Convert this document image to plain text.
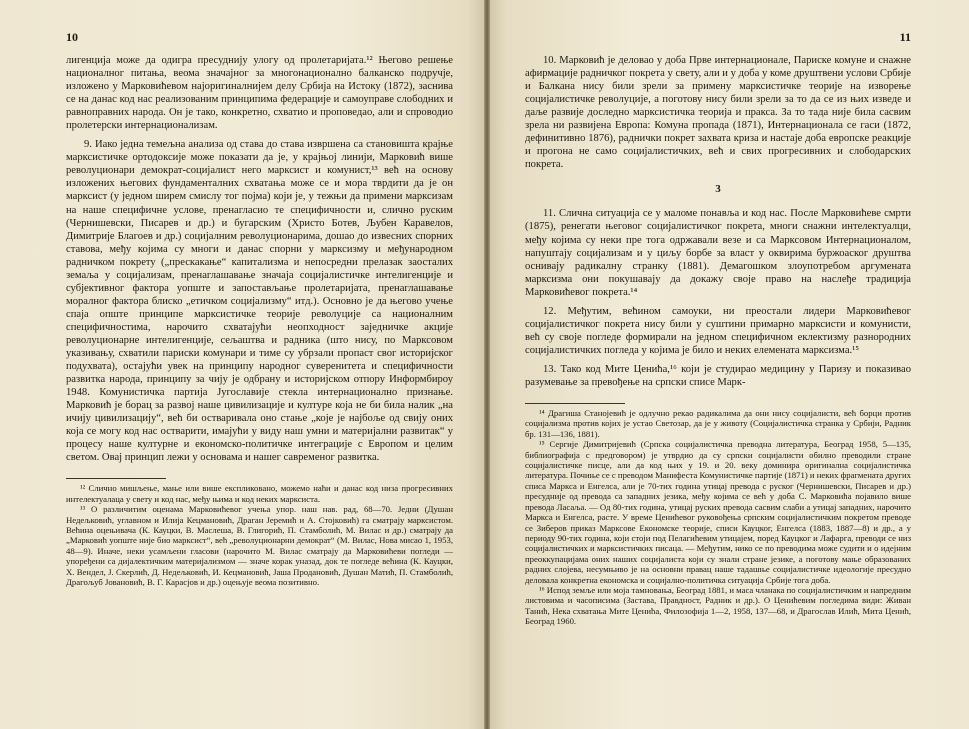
10

лигенција може да одигра пресудниjу улогу од пролетаријата.¹² Његово решење националног питања, веома значајног за многонационално балканско подручје, изложено у Марковићевом најоригиналнијем делу Србија на Истоку (1872), заснива се на данас код нас реализованим принципима федерације и самоуправе слободних и равноправних народа. Он је тако, конкретно, схватио и проповедао, али и спроводио пролетерски интернационализам.

9. Иако једна темељна анализа од става до става извршена са становишта крајње марксистичке ортодоксије може показати да је, у крајњој линији, Марковић више револуционари демократ-социјалист него марксист и комунист,¹³ већ на основу изложених његових фундаменталних схватања може се и мора тврдити да је он марксист (у једном ширем смислу тог појма) који је, у тежњи да примени марксизам на наше специфичне услове, пренагласио те специфичности и, слично руским (Чернишевски, Писарев и др.) и бугарским (Христо Ботев, Љубен Каравелов, Димитрије Благоев и др.) социјалним револуционарима, дошао до извесних спорних ставова, међу којима су многи и данас спорни у марксизму и међународном радничком покрету („прескакање“ капитализма и непосредни прелазак заосталих земаља у социјализам, пренаглашавање значаја социјалистичке интелигенције и субјективног фактора уопште и запостављање пролетаријата, пренаглашавање моралног фактора блиско „етичком социјализму“ итд.). Основно је да његово учење спаја опште принципе марксистичке теорије револуције са националним специфичностима, нарочито схватајући неопходност заједничке акције револуционарне интелигенције, сељаштва и радника (што нису, по Марксовом указивању, схватили париски комунари и тиме су убрзали пропаст свог историјског подухвата), остајући увек на принципу народног суверенитета и специфичности развитка народа, принципу за чију је одбрану и историјском отпору Информбироу 1948. Комунистичка партија Југославије стекла интернационално признање. Марковић је борац за развој наше цивилизације и културе која не би била налик „на ичију цивилизацију“, већ би остваривала оно стање „које је најбоље од свију оних која се могу код нас остварити, имајући у виду наш умни и материјални развитак“ у процесу наше културне и економско-политичке интеграције с Европом и целим светом. Овај принцип лежи у основама и нашег савременог развитка.

¹² Слично мишљење, мање или више експликовано, можемо наћи и данас код низа прогресивних интелектуалаца у свету и код нас, међу њима и код неких марксиста.

¹³ О различитим оценама Марковићевог учења упор. наш нав. рад, 68—70. Једни (Душан Недељковић, углавном и Илија Кецмановић, Драган Јеремић и А. Стојковић) га сматрају марксистом. Већина оцењивача (К. Кауцки, В. Маслеша, В. Глигорић, П. Стамболић, М. Вилас и др.) сматрају да „Марковић уопште није био марксист“, већ „револуционарни демократ“ (М. Вилас, Нова мисао 1, 1953, 48—9). Иначе, неки усамљени гласови (нарочито М. Вилас сматрају да Марковићеви погледи — упоређени са дијалектичким материјализмом — значе корак уназад, док те погледе већина (К. Кауцки, Х. Вендел, J. Скерлић, Д. Недељковић, И. Кецмановић, Јаша Продановић, Душан Матић, П. Стамболић, Драгољуб Јовановић, В. Г. Карасјов и др.) оцењује веома позитивно.

11

10. Марковић је деловао у доба Прве интернационале, Париске комуне и снажне афирмације радничког покрета у свету, али и у доба у коме друштвени услови Србије и Балкана нису били зрели за примену марксистичке теорије на изворење социјалистичке револуције, а поготову нису били зрели за то да се из њих изведе и даље развије доследно марксистичка теорија и пракса. За то тада није била сасвим зрела ни развијена Европа: Комуна пропада (1871), Интернационала се гаси (1872, дефинитивно 1876), раднички покрет захвата криза и настаје доба европске реакције и прогона не само социјалистичких, већ и свих прогресивних и слободарских покрета.

3

11. Слична ситуација се у маломе понавља и код нас. После Марковићеве смрти (1875), ренегати његовог социјалистичког покрета, многи снажни интелектуалци, међу којима су неки пре тога одржавали везе и са Марксовом Интернационалом, напуштају социјализам и у циљу борбе за власт у оквирима буржоаског друштва оснивају радикалну странку (1881). Демагошком злоупотребом аргумената марксизма они покушавају да докажу своје право на наслеђе традиција Марковићевог покрета.¹⁴

12. Међутим, већином самоуки, ни преостали лидери Марковићевог социјалистичког покрета нису били у суштини примарно марксисти и комунисти, већ су своје погледе формирали на једном специфичном еклектизму разнородних социјалистичких погледа у којима је било и неких елемената марксизма.¹⁵

13. Тако код Мите Ценића,¹⁶ који је студирао медицину у Паризу и показивао разумевање за превођење на српски списе Марк-

¹⁴ Драгиша Станојевић је одлучно рекао радикалима да они нису социјалисти, већ борци против социјализма против којих је устао Светозар, да је у животу (Социјалистичка странка у Србији, Радник бр. 131—136, 1881).

¹⁵ Сергије Димитријевић (Српска социјалистичка преводна литература, Београд 1958, 5—135, библиографија с предговором) је утврдио да су српски социјалисти обилно преводили стране социјалистичке писце, али да код њих у 19. и 20. веку доминира оригинална социјалистичка литература. Почиње се с преводом Манифеста Комунистичке партије (1871) и неких фрагмената других списа Маркса и Енгелса, али је 70-тих година утицај превода с руског (Чернишевски, Писарев и др.) пресудније од превода са западних језика, међу којима се већ у доба С. Марковића појавило више превода Ласаља. — Од 80-тих година, утицај руских превода сасвим слаби а утицај западних, нарочито Маркса и Енгелса, расте. У време Ценићевог руковођења српским социјалистичким покретом преводе се Зиберов приказ Марксове Економске теорије, списи Кауцког, Енгелса (1883, 1887—8) и др., а у периоду 90-тих година, који стоји под Пелагићевим утицајем, поред Кауцког и Лафарга, преводи се низ социјалистичких и марксистичких писаца. — Међутим, нико се по преводима може судити и о идејним преоккупацијама оних наших социјалиста који су знали стране језике, а поготову мање образованих радних слојева, несумњиво је на основни правац наше тадашње социјалистичке идеологије пресудно деловала конкретна економска и социјално-политичка ситуација Србије тога доба.

¹⁶ Испод земље или моја тамновања, Београд 1881, и маса чланака по социјалистичким и напредним листовима и часописима (Застава, Правдност, Радник и др.). О Ценићевим погледима види: Живан Танић, Нека схватања Мите Ценића, Филозофија 1—2, 1958, 137—68, и Драгослав Илић, Мита Ценић, Београд 1960.
